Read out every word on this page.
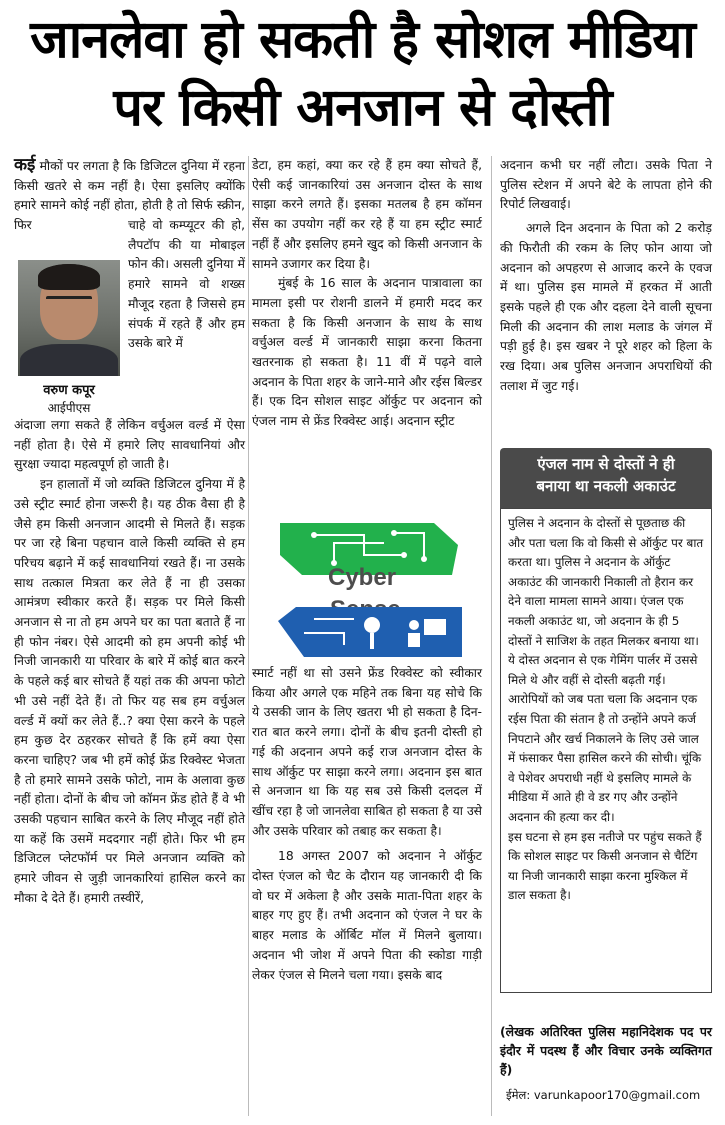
जानलेवा हो सकती है सोशल मीडिया
पर किसी अनजान से दोस्ती

कई मौकों पर लगता है कि डिजिटल दुनिया में रहना किसी खतरे से कम नहीं है। ऐसा इसलिए क्योंकि हमारे सामने कोई नहीं होता, होती है तो सिर्फ स्क्रीन, फिर

वरुण कपूर
आईपीएस

चाहे वो कम्प्यूटर की हो, लैपटॉप की या मोबाइल फोन की। असली दुनिया में हमारे सामने वो शख्स मौजूद रहता है जिससे हम संपर्क में रहते हैं और हम उसके बारे में

अंदाजा लगा सकते हैं लेकिन वर्चुअल वर्ल्ड में ऐसा नहीं होता है। ऐसे में हमारे लिए सावधानियां और सुरक्षा ज्यादा महत्वपूर्ण हो जाती है।

इन हालातों में जो व्यक्ति डिजिटल दुनिया में है उसे स्ट्रीट स्मार्ट होना जरूरी है। यह ठीक वैसा ही है जैसे हम किसी अनजान आदमी से मिलते हैं। सड़क पर जा रहे बिना पहचान वाले किसी व्यक्ति से हम परिचय बढ़ाने में कई सावधानियां रखते हैं। ना उसके साथ तत्काल मित्रता कर लेते हैं ना ही उसका आमंत्रण स्वीकार करते हैं। सड़क पर मिले किसी अनजान से ना तो हम अपने घर का पता बताते हैं ना ही फोन नंबर। ऐसे आदमी को हम अपनी कोई भी निजी जानकारी या परिवार के बारे में कोई बात करने के पहले कई बार सोचते हैं यहां तक की अपना फोटो भी उसे नहीं देते हैं। तो फिर यह सब हम वर्चुअल वर्ल्ड में क्यों कर लेते हैं..? क्या ऐसा करने के पहले हम कुछ देर ठहरकर सोचते हैं कि हमें क्या ऐसा करना चाहिए? जब भी हमें कोई फ्रेंड रिक्वेस्ट भेजता है तो हमारे सामने उसके फोटो, नाम के अलावा कुछ नहीं होता। दोनों के बीच जो कॉमन फ्रेंड होते हैं वे भी उसकी पहचान साबित करने के लिए मौजूद नहीं होते या कहें कि उसमें मददगार नहीं होते। फिर भी हम डिजिटल प्लेटफॉर्म पर मिले अनजान व्यक्ति को हमारे जीवन से जुड़ी जानकारियां हासिल करने का मौका दे देते हैं। हमारी तस्वीरें,

डेटा, हम कहां, क्या कर रहे हैं हम क्या सोचते हैं, ऐसी कई जानकारियां उस अनजान दोस्त के साथ साझा करने लगते हैं। इसका मतलब है हम कॉमन सेंस का उपयोग नहीं कर रहे हैं या हम स्ट्रीट स्मार्ट नहीं हैं और इसलिए हमने खुद को किसी अनजान के सामने उजागर कर दिया है।

मुंबई के 16 साल के अदनान पात्रावाला का मामला इसी पर रोशनी डालने में हमारी मदद कर सकता है कि किसी अनजान के साथ के साथ वर्चुअल वर्ल्ड में जानकारी साझा करना कितना खतरनाक हो सकता है। 11 वीं में पढ़ने वाले अदनान के पिता शहर के जाने-माने और रईस बिल्डर हैं। एक दिन सोशल साइट ऑर्कुट पर अदनान को एंजल नाम से फ्रेंड रिक्वेस्ट आई। अदनान स्ट्रीट

Cyber

स्मार्ट नहीं था सो उसने फ्रेंड रिक्वेस्ट को स्वीकार किया और अगले एक महिने तक बिना यह सोचे कि ये उसकी जान के लिए खतरा भी हो सकता है दिन-रात बात करने लगा। दोनों के बीच इतनी दोस्ती हो गई की अदनान अपने कई राज अनजान दोस्त के साथ ऑर्कुट पर साझा करने लगा। अदनान इस बात से अनजान था कि यह सब उसे किसी दलदल में खींच रहा है जो जानलेवा साबित हो सकता है या उसे और उसके परिवार को तबाह कर सकता है।

18 अगस्त 2007 को अदनान ने ऑर्कुट दोस्त एंजल को चैट के दौरान यह जानकारी दी कि वो घर में अकेला है और उसके माता-पिता शहर के बाहर गए हुए हैं। तभी अदनान को एंजल ने घर के बाहर मलाड के ऑर्बिट मॉल में मिलने बुलाया। अदनान भी जोश में अपने पिता की स्कोडा गाड़ी लेकर एंजल से मिलने चला गया। इसके बाद

अदनान कभी घर नहीं लौटा। उसके पिता ने पुलिस स्टेशन में अपने बेटे के लापता होने की रिपोर्ट लिखवाई।

अगले दिन अदनान के पिता को 2 करोड़ की फिरौती की रकम के लिए फोन आया जो अदनान को अपहरण से आजाद करने के एवज में था। पुलिस इस मामले में हरकत में आती इसके पहले ही एक और दहला देने वाली सूचना मिली की अदनान की लाश मलाड के जंगल में पड़ी हुई है। इस खबर ने पूरे शहर को हिला के रख दिया। अब पुलिस अनजान अपराधियों की तलाश में जुट गई।

एंजल नाम से दोस्तों ने ही
बनाया था नकली अकाउंट

पुलिस ने अदनान के दोस्तों से पूछताछ की और पता चला कि वो किसी से ऑर्कुट पर बात करता था। पुलिस ने अदनान के ऑर्कुट अकाउंट की जानकारी निकाली तो हैरान कर देने वाला मामला सामने आया। एंजल एक नकली अकाउंट था, जो अदनान के ही 5 दोस्तों ने साजिश के तहत मिलकर बनाया था। ये दोस्त अदनान से एक गेमिंग पार्लर में उससे मिले थे और वहीं से दोस्ती बढ़ती गई। आरोपियों को जब पता चला कि अदनान एक रईस पिता की संतान है तो उन्होंने अपने कर्ज निपटाने और खर्च निकालने के लिए उसे जाल में फंसाकर पैसा हासिल करने की सोची। चूंकि वे पेशेवर अपराधी नहीं थे इसलिए मामले के मीडिया में आते ही वे डर गए और उन्होंने अदनान की हत्या कर दी।

इस घटना से हम इस नतीजे पर पहुंच सकते हैं कि सोशल साइट पर किसी अनजान से चैटिंग या निजी जानकारी साझा करना मुश्किल में डाल सकता है।

(लेखक अतिरिक्त पुलिस महानिदेशक पद पर इंदौर में पदस्थ हैं और विचार उनके व्यक्तिगत हैं)
ईमेल: varunkapoor170@gmail.com
